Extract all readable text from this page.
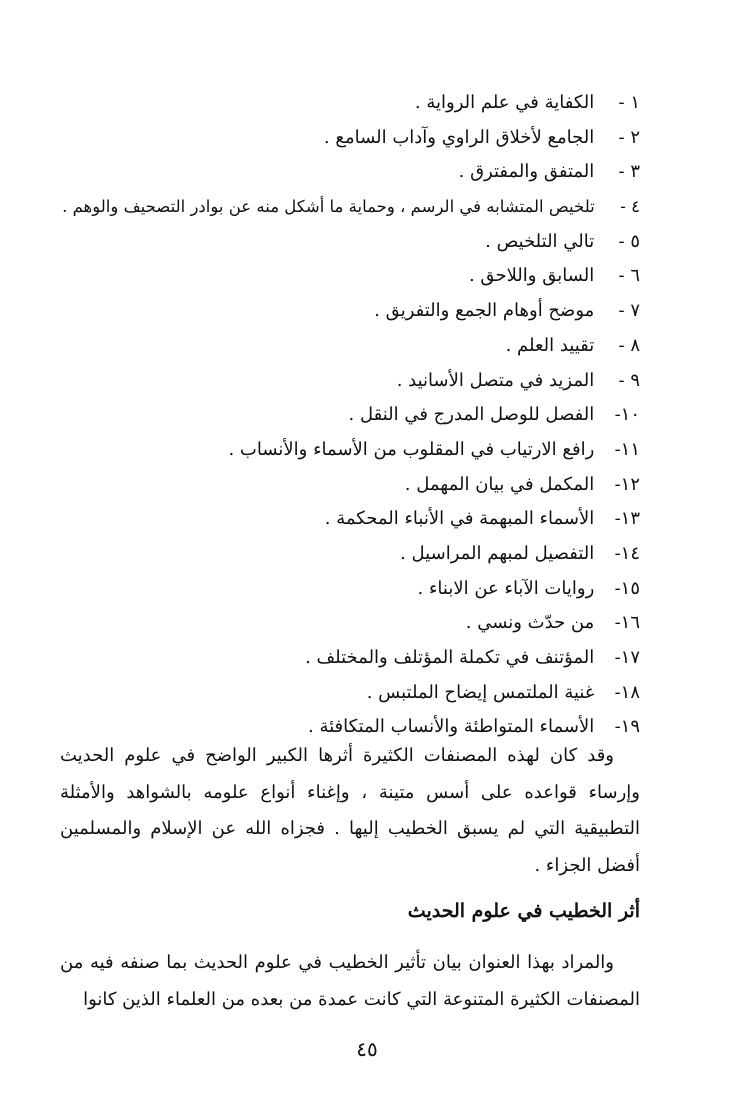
١ - الكفاية في علم الرواية .
٢ - الجامع لأخلاق الراوي وآداب السامع .
٣ - المتفق والمفترق .
٤ - تلخيص المتشابه في الرسم ، وحماية ما أشكل منه عن بوادر التصحيف والوهم .
٥ - تالي التلخيص .
٦ - السابق واللاحق .
٧ - موضح أوهام الجمع والتفريق .
٨ - تقييد العلم .
٩ - المزيد في متصل الأسانيد .
١٠- الفصل للوصل المدرج في النقل .
١١- رافع الارتياب في المقلوب من الأسماء والأنساب .
١٢- المكمل في بيان المهمل .
١٣- الأسماء المبهمة في الأنباء المحكمة .
١٤- التفصيل لمبهم المراسيل .
١٥- روايات الآباء عن الابناء .
١٦- من حدّث ونسي .
١٧- المؤتنف في تكملة المؤتلف والمختلف .
١٨- غنية الملتمس إيضاح الملتبس .
١٩- الأسماء المتواطئة والأنساب المتكافئة .

وقد كان لهذه المصنفات الكثيرة أثرها الكبير الواضح في علوم الحديث وإرساء قواعده على أسس متينة ، وإغناء أنواع علومه بالشواهد والأمثلة التطبيقية التي لم يسبق الخطيب إليها . فجزاه الله عن الإسلام والمسلمين أفضل الجزاء .

أثر الخطيب في علوم الحديث

والمراد بهذا العنوان بيان تأثير الخطيب في علوم الحديث بما صنفه فيه من المصنفات الكثيرة المتنوعة التي كانت عمدة من بعده من العلماء الذين كانوا

٤٥
